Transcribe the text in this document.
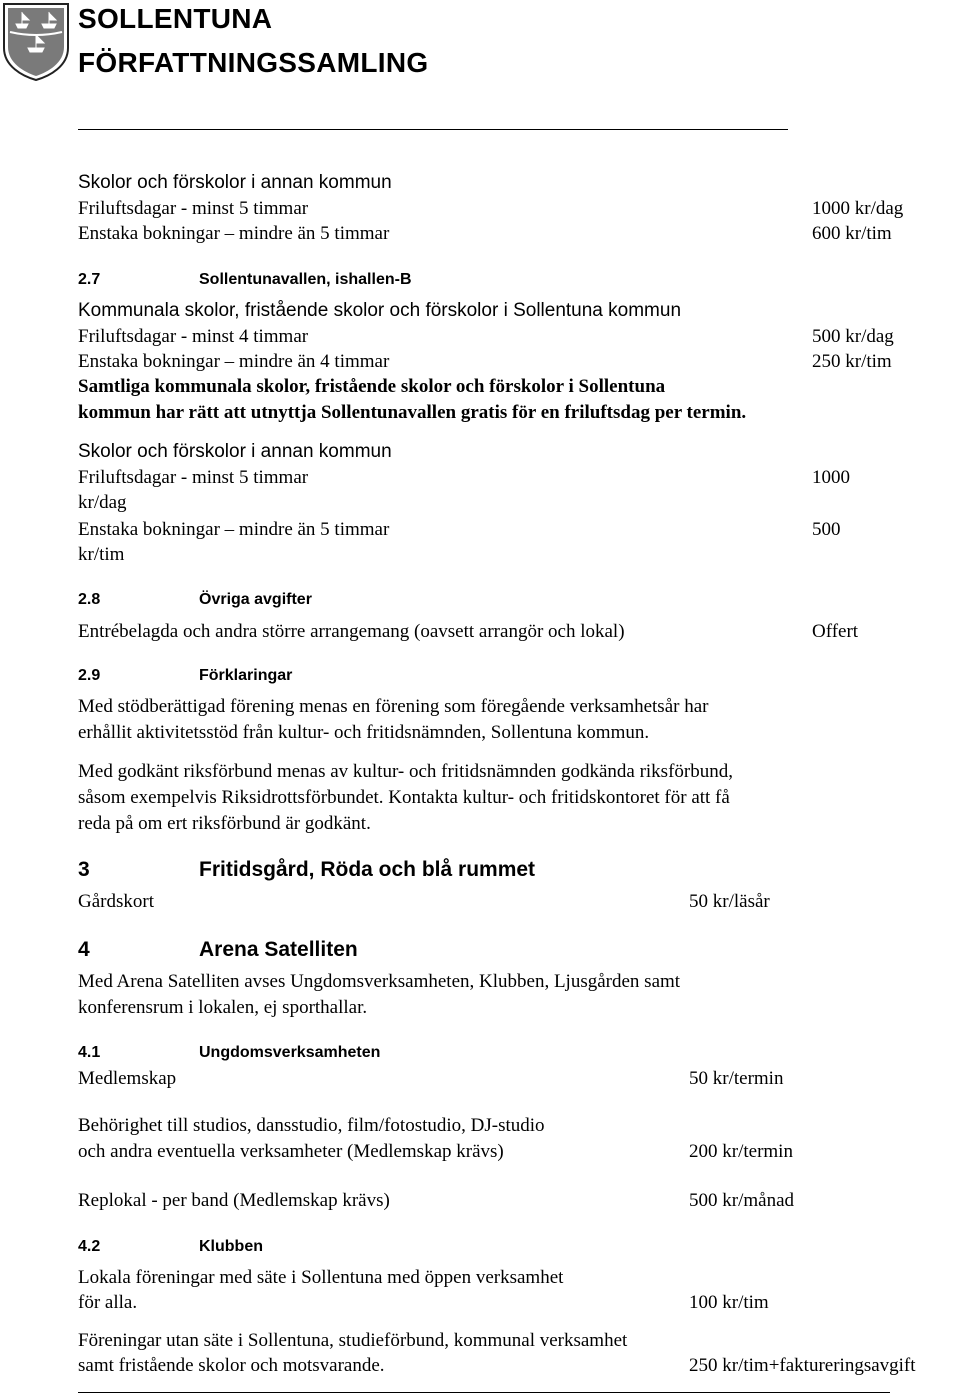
SOLLENTUNA
FÖRFATTNINGSSAMLING
Skolor och förskolor i annan kommun
Friluftsdagar - minst 5 timmar	1000 kr/dag
Enstaka bokningar – mindre än 5 timmar	600 kr/tim
2.7	Sollentunavallen, ishallen-B
Kommunala skolor, fristående skolor och förskolor i Sollentuna kommun
Friluftsdagar - minst 4 timmar	500 kr/dag
Enstaka bokningar – mindre än 4 timmar	250 kr/tim
Samtliga kommunala skolor, fristående skolor och förskolor i Sollentuna
kommun har rätt att utnyttja Sollentunavallen gratis för en friluftsdag per termin.
Skolor och förskolor i annan kommun
Friluftsdagar - minst 5 timmar	1000
kr/dag
Enstaka bokningar – mindre än 5 timmar	500
kr/tim
2.8	Övriga avgifter
Entrébelagda och andra större arrangemang (oavsett arrangör och lokal)	Offert
2.9	Förklaringar
Med stödberättigad förening menas en förening som föregående verksamhetsår har
erhållit aktivitetsstöd från kultur- och fritidsnämnden, Sollentuna kommun.
Med godkänt riksförbund menas av kultur- och fritidsnämnden godkända riksförbund,
såsom exempelvis Riksidrottsförbundet. Kontakta kultur- och fritidskontoret för att få
reda på om ert riksförbund är godkänt.
3	Fritidsgård, Röda och blå rummet
Gårdskort	50 kr/läsår
4	Arena Satelliten
Med Arena Satelliten avses Ungdomsverksamheten, Klubben, Ljusgården samt
konferensrum i lokalen, ej sporthallar.
4.1	Ungdomsverksamheten
Medlemskap	50 kr/termin
Behörighet till studios, dansstudio, film/fotostudio, DJ-studio
och andra eventuella verksamheter (Medlemskap krävs)	200 kr/termin
Replokal - per band (Medlemskap krävs)	500 kr/månad
4.2	Klubben
Lokala föreningar med säte i Sollentuna med öppen verksamhet
för alla.	100 kr/tim
Föreningar utan säte i Sollentuna, studieförbund, kommunal verksamhet
samt fristående skolor och motsvarande.	250 kr/tim+faktureringsavgift
